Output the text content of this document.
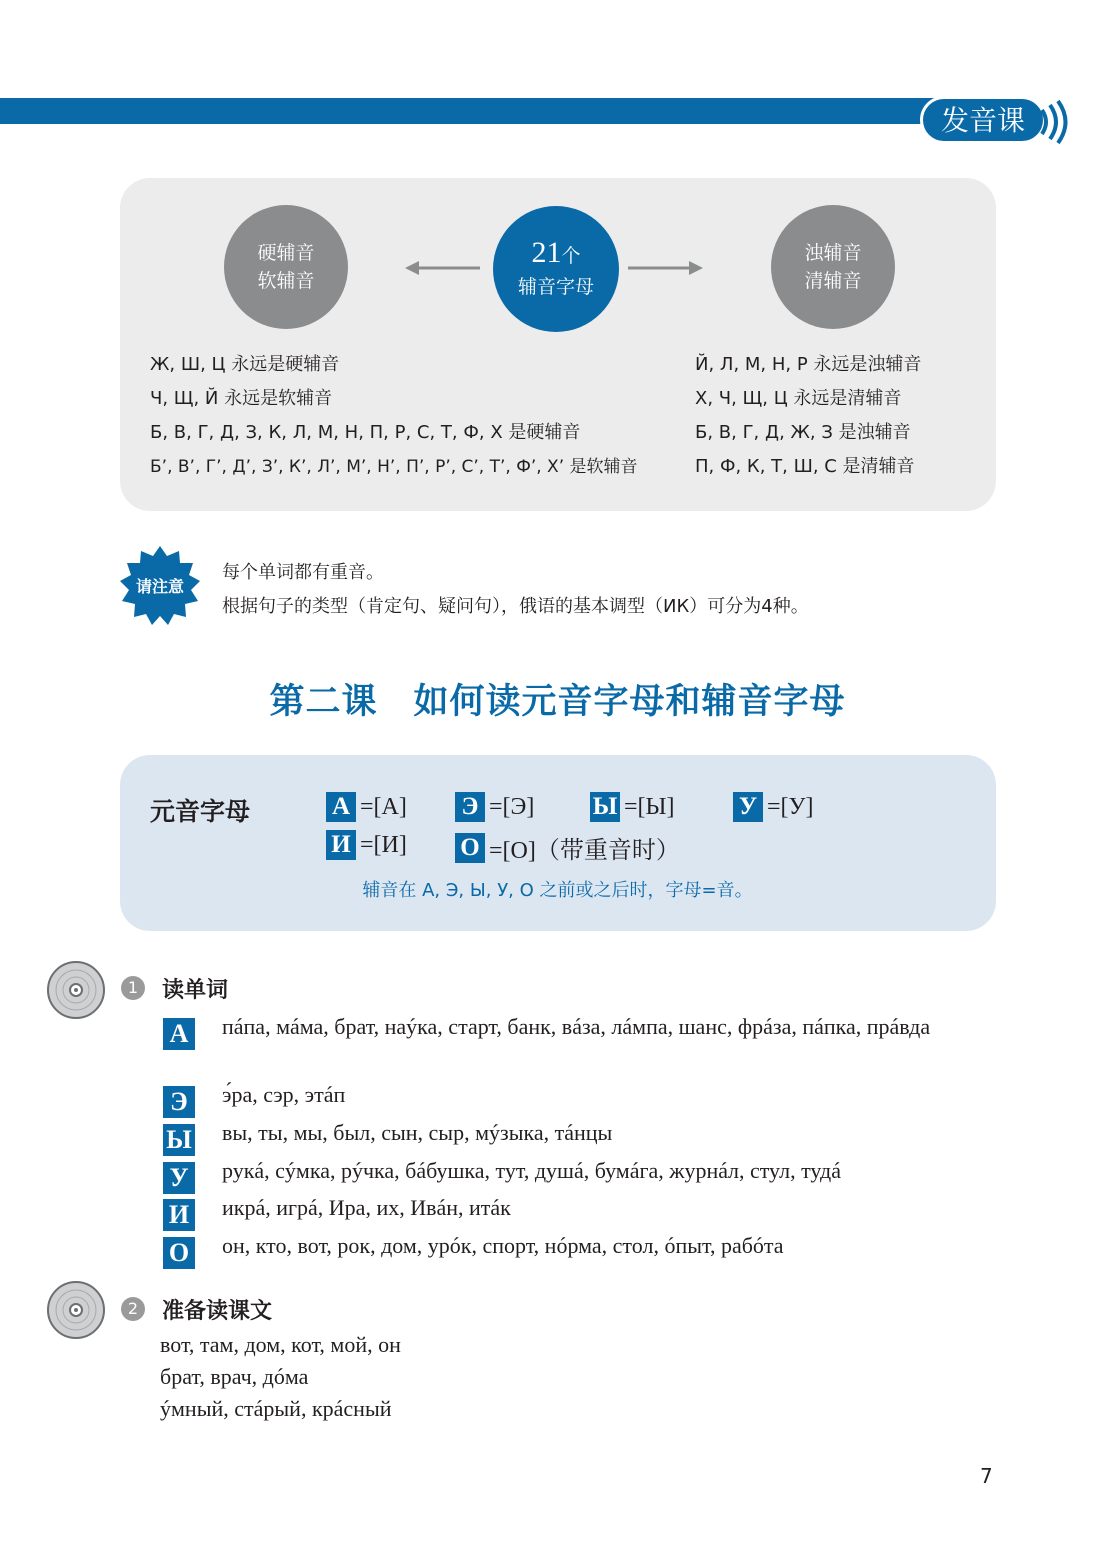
发音课
硬辅音
软辅音
21个
辅音字母
浊辅音
清辅音
Ж, Ш, Ц 永远是硬辅音
Ч, Щ, Й 永远是软辅音
Б, В, Г, Д, З, К, Л, М, Н, П, Р, С, Т, Ф, Х 是硬辅音
Б’, В’, Г’, Д’, З’, К’, Л’, М’, Н’, П’, Р’, С’, Т’, Ф’, Х’ 是软辅音
Й, Л, М, Н, Р 永远是浊辅音
Х, Ч, Щ, Ц 永远是清辅音
Б, В, Г, Д, Ж, З 是浊辅音
П, Ф, К, Т, Ш, С 是清辅音
请注意
每个单词都有重音。
根据句子的类型（肯定句、疑问句），俄语的基本调型（ИК）可分为4种。
第二课　如何读元音字母和辅音字母
元音字母	А =[А] Э =[Э] Ы =[Ы]	У =[У]
И =[И] О =[О]（带重音时）
辅音在 А, Э, Ы, У, О 之前或之后时，字母=音。
1	读单词
А	пáпа, мáма, брат, наýка, старт, банк, вáза, лáмпа, шанс, фрáза, пáпка, прáвда
Э	э́ра, сэр, этáп
Ы вы, ты, мы, был, сын, сыр, мýзыка, тáнцы
У рукá, сýмка, рýчка, бáбушка, тут, душá, бумáга, журнáл, стул, тудá
И икрá, игрá, Ира, их, Ивáн, итáк
О он, кто, вот, рок, дом, урóк, спорт, нóрма, стол, óпыт, рабóта
2	准备读课文
вот, там, дом, кот, мой, он
брат, врач, дóма
ýмный, стáрый, крáсный
7
